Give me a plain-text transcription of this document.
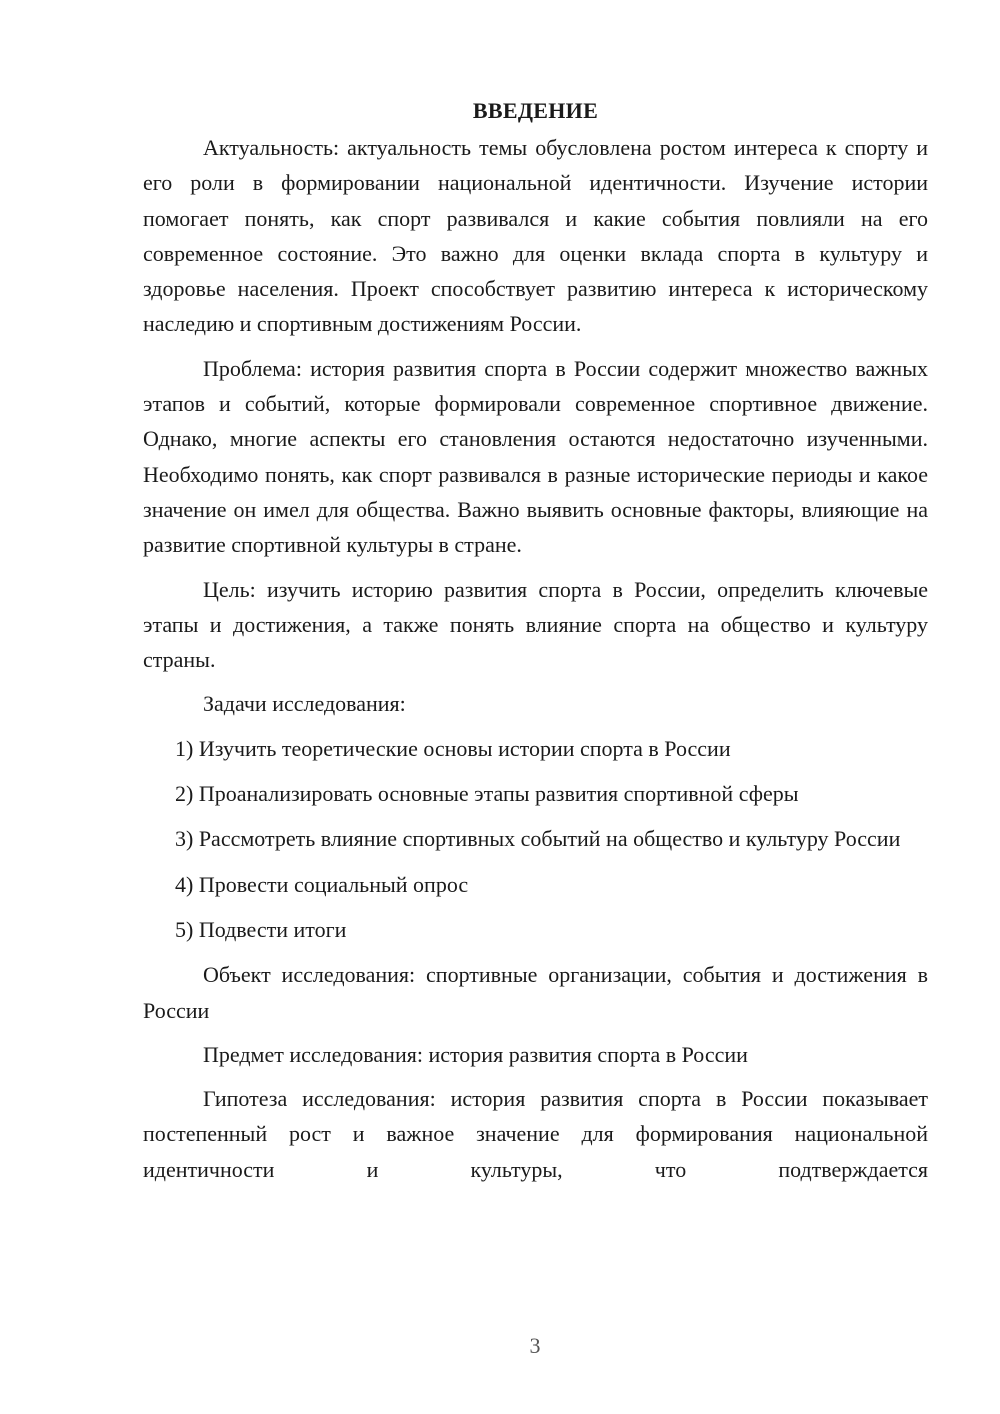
ВВЕДЕНИЕ

Актуальность: актуальность темы обусловлена ростом интереса к спорту и его роли в формировании национальной идентичности. Изучение истории помогает понять, как спорт развивался и какие события повлияли на его современное состояние. Это важно для оценки вклада спорта в культуру и здоровье населения. Проект способствует развитию интереса к историческому наследию и спортивным достижениям России.

Проблема: история развития спорта в России содержит множество важных этапов и событий, которые формировали современное спортивное движение. Однако, многие аспекты его становления остаются недостаточно изученными. Необходимо понять, как спорт развивался в разные исторические периоды и какое значение он имел для общества. Важно выявить основные факторы, влияющие на развитие спортивной культуры в стране.

Цель: изучить историю развития спорта в России, определить ключевые этапы и достижения, а также понять влияние спорта на общество и культуру страны.

Задачи исследования:

1) Изучить теоретические основы истории спорта в России

2) Проанализировать основные этапы развития спортивной сферы

3) Рассмотреть влияние спортивных событий на общество и культуру России

4) Провести социальный опрос

5) Подвести итоги

Объект исследования: спортивные организации, события и достижения в России

Предмет исследования: история развития спорта в России

Гипотеза исследования: история развития спорта в России показывает постепенный рост и важное значение для формирования национальной идентичности и культуры, что подтверждается

3
